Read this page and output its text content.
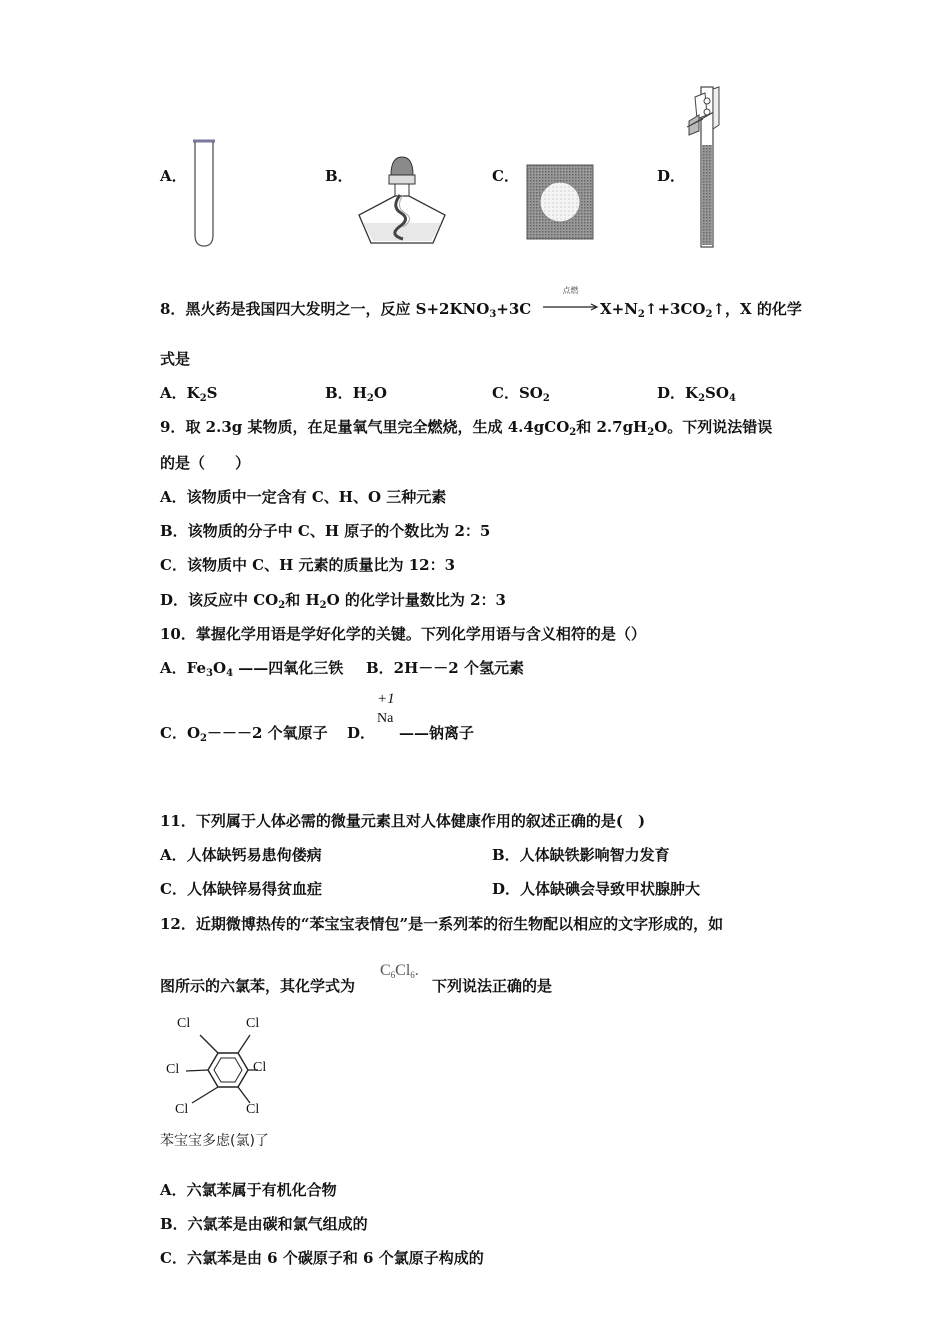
A．	B．	C．	D．
8．黑火药是我国四大发明之一，反应 $S+2KNO_3+3C$
点燃
$X+N_2↑+3CO_2↑$，X 的化学
式是
A．$K_2S$	B．$H_2O$	C．$SO_2$	D．$K_2SO_4$
9．取 2.3g 某物质，在足量氧气里完全燃烧，生成 4.4gCO$_2$和 $2.7gH_2O$。下列说法错误
的是（　　）
A．该物质中一定含有 C、H、O 三种元素
B．该物质的分子中 C、H 原子的个数比为 2：5
C．该物质中 C、H 元素的质量比为 12：3
D．该反应中 $CO_2$和 $H_2O$ 的化学计量数比为 2：3
10．掌握化学用语是学好化学的关键。下列化学用语与含义相符的是（）
A．$Fe_3O_4$ ——四氧化三铁 B．2H－－2 个氢元素
C．$O_2---2$ 个氧原子 D．
+1
Na
——钠离子
11．下列属于人体必需的微量元素且对人体健康作用的叙述正确的是(　)
A．人体缺钙易患佝偻病	B．人体缺铁影响智力发育
C．人体缺锌易得贫血症	D．人体缺碘会导致甲状腺肿大
12．近期微博热传的“苯宝宝表情包”是一系列苯的衍生物配以相应的文字形成的，如
图所示的六氯苯，其化学式为
$C_6Cl_6$.
下列说法正确的是
Cl	Cl
Cl	Cl
Cl	Cl
苯宝宝多虑(氯)了
A．六氯苯属于有机化合物
B．六氯苯是由碳和氯气组成的
C．六氯苯是由 6 个碳原子和 6 个氯原子构成的
